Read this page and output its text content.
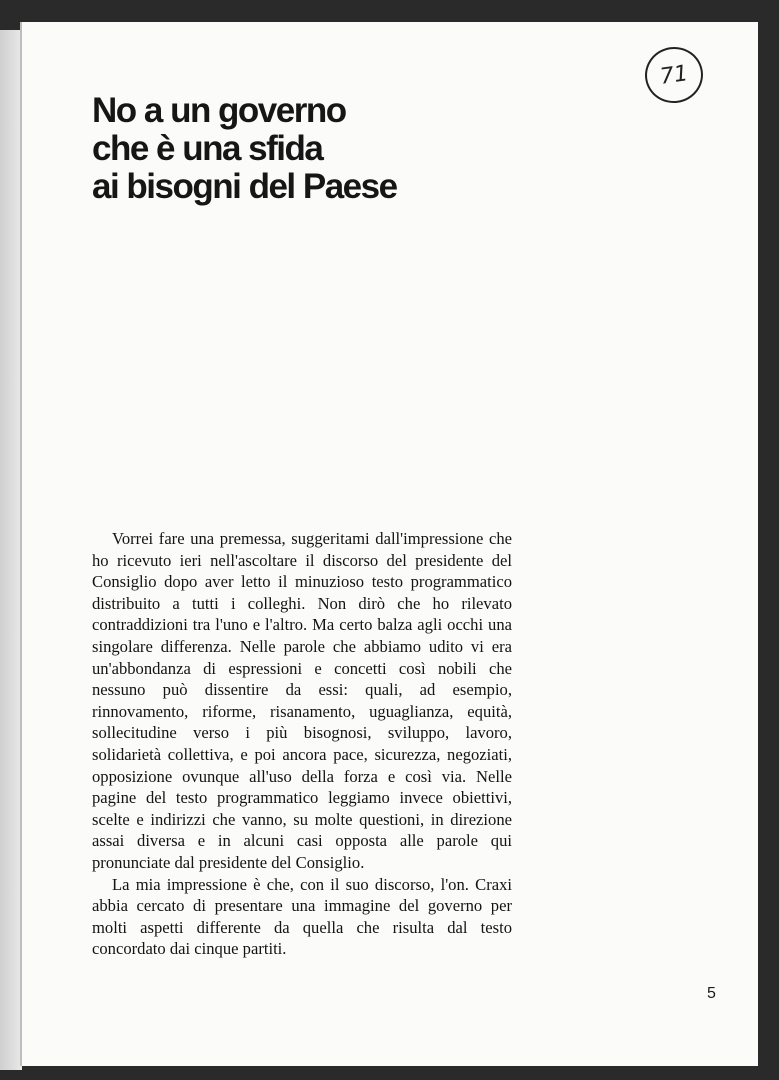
No a un governo
che è una sfida
ai bisogni del Paese
71

Vorrei fare una premessa, suggeritami dall'impressione che ho ricevuto ieri nell'ascoltare il discorso del presidente del Consiglio dopo aver letto il minuzioso testo programmatico distribuito a tutti i colleghi. Non dirò che ho rilevato contraddizioni tra l'uno e l'altro. Ma certo balza agli occhi una singolare differenza. Nelle parole che abbiamo udito vi era un'abbondanza di espressioni e concetti così nobili che nessuno può dissentire da essi: quali, ad esempio, rinnovamento, riforme, risanamento, uguaglianza, equità, sollecitudine verso i più bisognosi, sviluppo, lavoro, solidarietà collettiva, e poi ancora pace, sicurezza, negoziati, opposizione ovunque all'uso della forza e così via. Nelle pagine del testo programmatico leggiamo invece obiettivi, scelte e indirizzi che vanno, su molte questioni, in direzione assai diversa e in alcuni casi opposta alle parole qui pronunciate dal presidente del Consiglio.

La mia impressione è che, con il suo discorso, l'on. Craxi abbia cercato di presentare una immagine del governo per molti aspetti differente da quella che risulta dal testo concordato dai cinque partiti.

5
